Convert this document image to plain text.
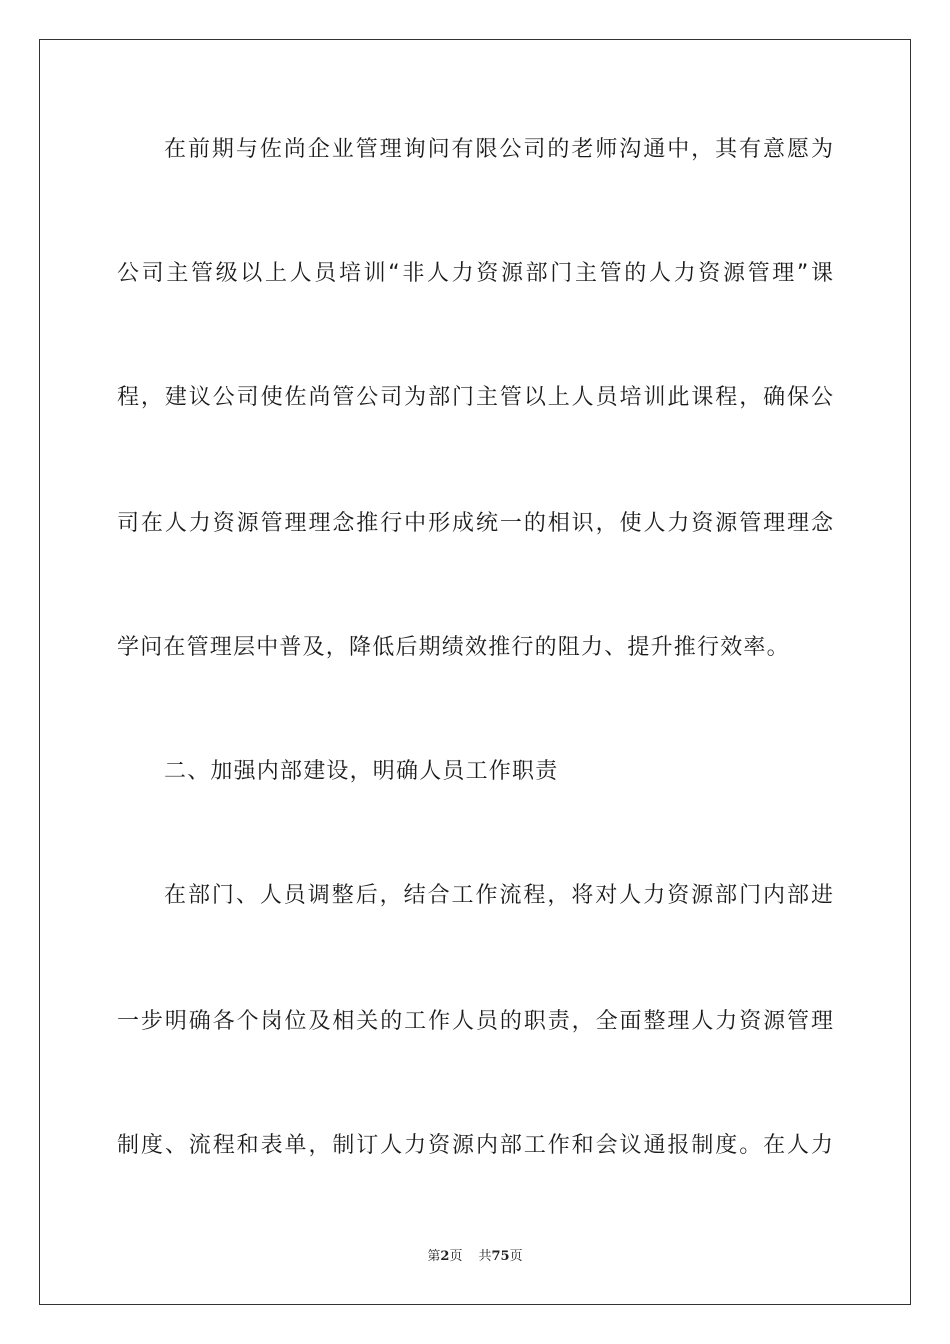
在前期与佐尚企业管理询问有限公司的老师沟通中，其有意愿为
公司主管级以上人员培训“非人力资源部门主管的人力资源管理”课
程，建议公司使佐尚管公司为部门主管以上人员培训此课程，确保公
司在人力资源管理理念推行中形成统一的相识，使人力资源管理理念
学问在管理层中普及，降低后期绩效推行的阻力、提升推行效率。
二、加强内部建设，明确人员工作职责
在部门、人员调整后，结合工作流程，将对人力资源部门内部进
一步明确各个岗位及相关的工作人员的职责，全面整理人力资源管理
制度、流程和表单，制订人力资源内部工作和会议通报制度。在人力
第2页 共75页
